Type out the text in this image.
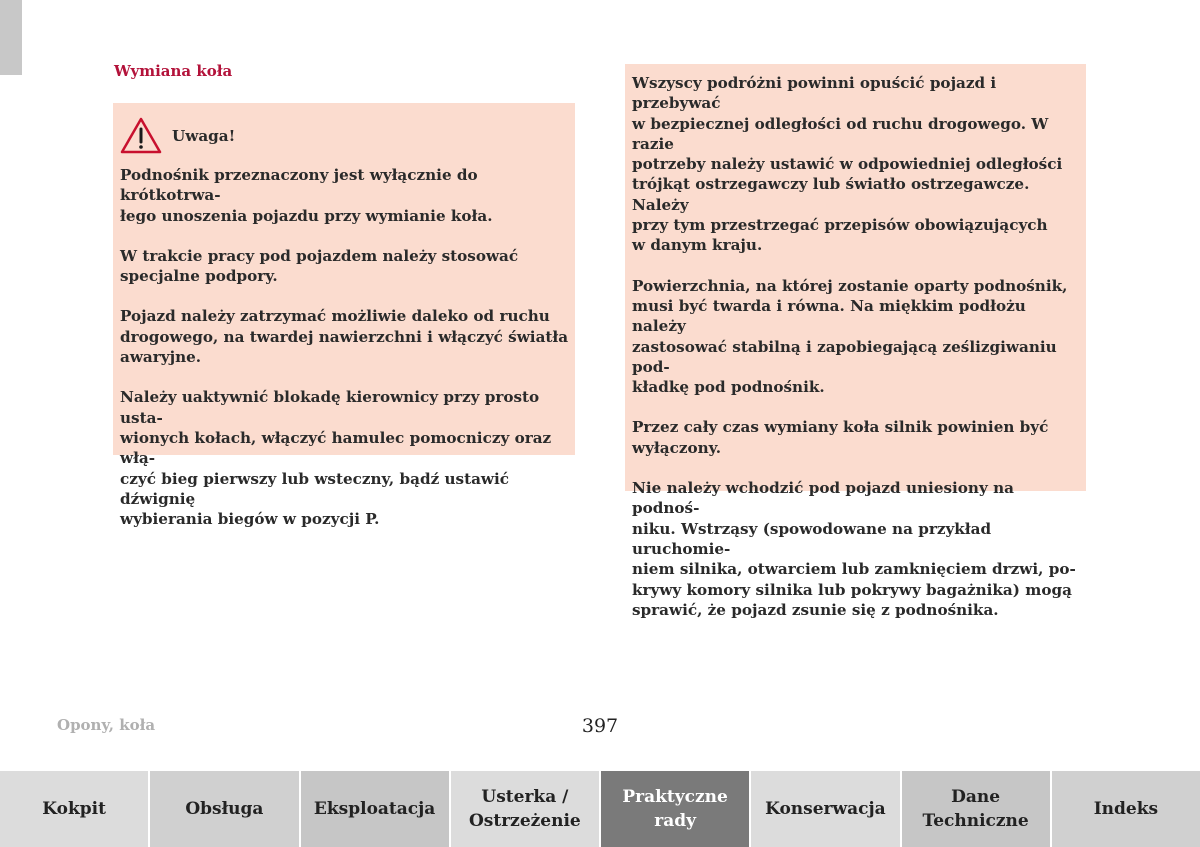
Wymiana koła
Uwaga!

Podnośnik przeznaczony jest wyłącznie do krótkotrwa-
łego unoszenia pojazdu przy wymianie koła.

W trakcie pracy pod pojazdem należy stosować
specjalne podpory.

Pojazd należy zatrzymać możliwie daleko od ruchu
drogowego, na twardej nawierzchni i włączyć światła
awaryjne.

Należy uaktywnić blokadę kierownicy przy prosto usta-
wionych kołach, włączyć hamulec pomocniczy oraz włą-
czyć bieg pierwszy lub wsteczny, bądź ustawić dźwignię
wybierania biegów w pozycji P.

Wszyscy podróżni powinni opuścić pojazd i przebywać
w bezpiecznej odległości od ruchu drogowego. W razie
potrzeby należy ustawić w odpowiedniej odległości
trójkąt ostrzegawczy lub światło ostrzegawcze. Należy
przy tym przestrzegać przepisów obowiązujących
w danym kraju.

Powierzchnia, na której zostanie oparty podnośnik,
musi być twarda i równa. Na miękkim podłożu należy
zastosować stabilną i zapobiegającą ześlizgiwaniu pod-
kładkę pod podnośnik.

Przez cały czas wymiany koła silnik powinien być
wyłączony.

Nie należy wchodzić pod pojazd uniesiony na podnoś-
niku. Wstrząsy (spowodowane na przykład uruchomie-
niem silnika, otwarciem lub zamknięciem drzwi, po-
krywy komory silnika lub pokrywy bagażnika) mogą
sprawić, że pojazd zsunie się z podnośnika.

Opony, koła	397
Kokpit	Obsługa	Eksploatacja
Usterka /
Ostrzeżenie
Praktyczne
rady
Konserwacja
Dane
Techniczne
Indeks
